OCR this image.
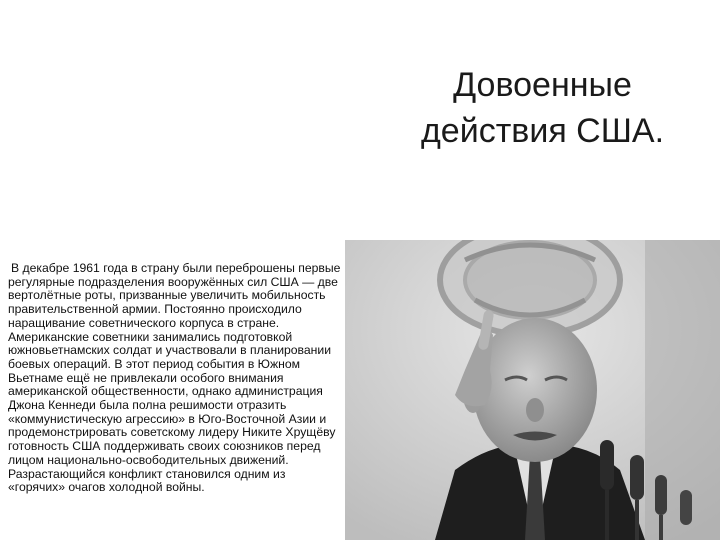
Довоенные
действия США.
В декабре 1961 года в страну были переброшены первые регулярные подразделения вооружённых сил США — две вертолётные роты, призванные увеличить мобильность правительственной армии. Постоянно происходило наращивание советнического корпуса в стране. Американские советники занимались подготовкой южновьетнамских солдат и участвовали в планировании боевых операций. В этот период события в Южном Вьетнаме ещё не привлекали особого внимания американской общественности, однако администрация Джона Кеннеди была полна решимости отразить «коммунистическую агрессию» в Юго-Восточной Азии и продемонстрировать советскому лидеру Никите Хрущёву готовность США поддерживать своих союзников перед лицом национально-освободительных движений. Разрастающийся конфликт становился одним из «горячих» очагов холодной войны.
